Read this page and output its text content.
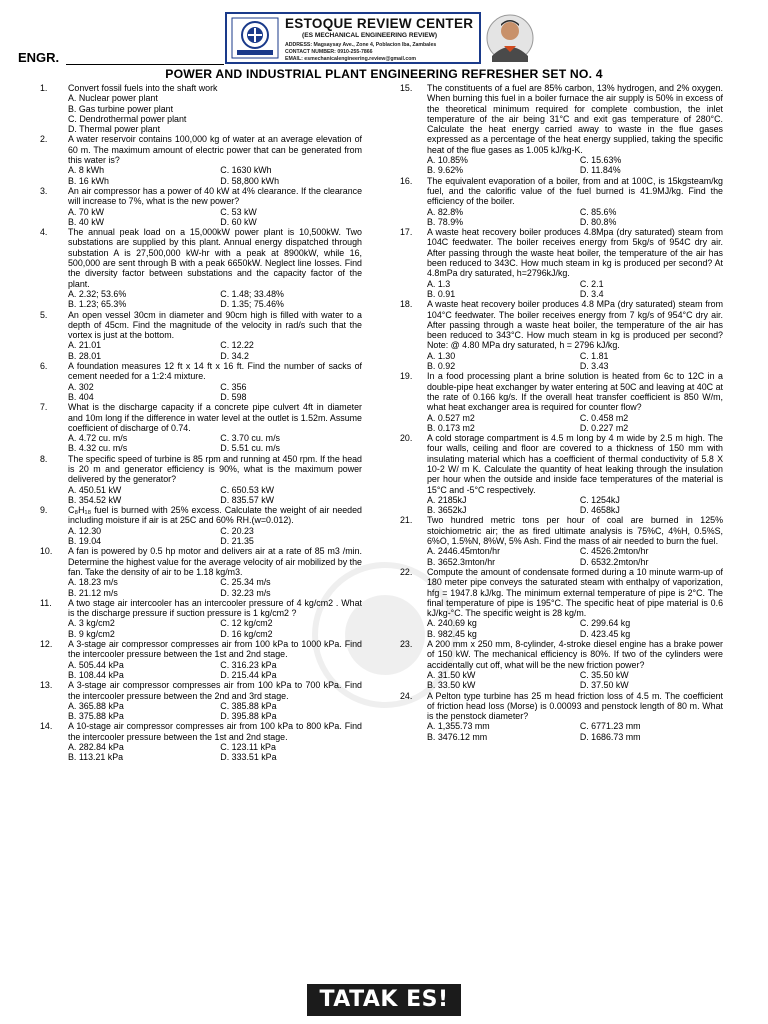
ESTOQUE REVIEW CENTER
(ES MECHANICAL ENGINEERING REVIEW)
ADDRESS: Magsaysay Ave., Zone 4, Poblacion Iba, Zambales
CONTACT NUMBER: 0910-255-7866
EMAIL: esmechanicalengineering.review@gmail.com
ENGR.
POWER AND INDUSTRIAL PLANT ENGINEERING REFRESHER SET NO. 4
1.	Convert fossil fuels into the shaft work
A. Nuclear power plant
B. Gas turbine power plant
C. Dendrothermal power plant
D. Thermal power plant
2.	A water reservoir contains 100,000 kg of water at an average elevation of 60 m. The maximum amount of electric power that can be generated from this water is?
A. 8 kWh	C. 1630 kWh
B. 16 kWh	D. 58,800 kWh
3.	An air compressor has a power of 40 kW at 4% clearance. If the clearance will increase to 7%, what is the new power?
A. 70 kW	C. 53 kW
B. 40 kW	D. 60 kW
4.	The annual peak load on a 15,000kW power plant is 10,500kW. Two substations are supplied by this plant. Annual energy dispatched through substation A is 27,500,000 kW-hr with a peak at 8900kW, while 16, 500,000 are sent through B with a peak 6650kW. Neglect line losses. Find the diversity factor between substations and the capacity factor of the plant.
A. 2.32; 53.6%	C. 1.48; 33.48%
B. 1.23; 65.3%	D. 1.35; 75.46%
5.	An open vessel 30cm in diameter and 90cm high is filled with water to a depth of 45cm. Find the magnitude of the velocity in rad/s such that the vortex is just at the bottom.
A. 21.01	C. 12.22
B. 28.01	D. 34.2
6.	A foundation measures 12 ft x 14 ft x 16 ft. Find the number of sacks of cement needed for a 1:2:4 mixture.
A. 302	C. 356
B. 404	D. 598
7.	What is the discharge capacity if a concrete pipe culvert 4ft in diameter and 10m long if the difference in water level at the outlet is 1.52m. Assume coefficient of discharge of 0.74.
A. 4.72 cu. m/s	C. 3.70 cu. m/s
B. 4.32 cu. m/s	D. 5.51 cu. m/s
8.	The specific speed of turbine is 85 rpm and running at 450 rpm. If the head is 20 m and generator efficiency is 90%, what is the maximum power delivered by the generator?
A. 450.51 kW	C. 650.53 kW
B. 354.52 kW	D. 835.57 kW
9.	C₈H₁₈ fuel is burned with 25% excess. Calculate the weight of air needed including moisture if air is at 25C and 60% RH.(w=0.012).
A. 12.30	C. 20.23
B. 19.04	D. 21.35
10.	A fan is powered by 0.5 hp motor and delivers air at a rate of 85 m3 /min. Determine the highest value for the average velocity of air mobilized by the fan. Take the density of air to be 1.18 kg/m3.
A. 18.23 m/s	C. 25.34 m/s
B. 21.12 m/s	D. 32.23 m/s
11.	A two stage air intercooler has an intercooler pressure of 4 kg/cm2 . What is the discharge pressure if suction pressure is 1 kg/cm2 ?
A. 3 kg/cm2	C. 12 kg/cm2
B. 9 kg/cm2	D. 16 kg/cm2
12.	A 3-stage air compressor compresses air from 100 kPa to 1000 kPa. Find the intercooler pressure between the 1st and 2nd stage.
A. 505.44 kPa	C. 316.23 kPa
B. 108.44 kPa	D. 215.44 kPa
13.	A 3-stage air compressor compresses air from 100 kPa to 700 kPa. Find the intercooler pressure between the 2nd and 3rd stage.
A. 365.88 kPa	C. 385.88 kPa
B. 375.88 kPa	D. 395.88 kPa
14.	A 10-stage air compressor compresses air from 100 kPa to 800 kPa. Find the intercooler pressure between the 1st and 2nd stage.
A. 282.84 kPa	C. 123.11 kPa
B. 113.21 kPa	D. 333.51 kPa
15.	The constituents of a fuel are 85% carbon, 13% hydrogen, and 2% oxygen. When burning this fuel in a boiler furnace the air supply is 50% in excess of the theoretical minimum required for complete combustion, the inlet temperature of the air being 31°C and exit gas temperature of 280°C. Calculate the heat energy carried away to waste in the flue gases expressed as a percentage of the heat energy supplied, taking the specific heat of the flue gases as 1.005 kJ/kg-K.
A. 10.85%	C. 15.63%
B. 9.62%	D. 11.84%
16.	The equivalent evaporation of a boiler, from and at 100C, is 15kgsteam/kg fuel, and the calorific value of the fuel burned is 41.9MJ/kg. Find the efficiency of the boiler.
A. 82.8%	C. 85.6%
B. 78.9%	D. 80.8%
17.	A waste heat recovery boiler produces 4.8Mpa (dry saturated) steam from 104C feedwater. The boiler receives energy from 5kg/s of 954C dry air. After passing through the waste heat boiler, the temperature of the air has been reduced to 343C. How much steam in kg is produced per second? At 4.8mPa dry saturated, h=2796kJ/kg.
A. 1.3	C. 2.1
B. 0.91	D. 3.4
18.	A waste heat recovery boiler produces 4.8 MPa (dry saturated) steam from 104°C feedwater. The boiler receives energy from 7 kg/s of 954°C dry air. After passing through a waste heat boiler, the temperature of the air has been reduced to 343°C. How much steam in kg is produced per second? Note: @ 4.80 MPa dry saturated, h = 2796 kJ/kg.
A. 1.30	C. 1.81
B. 0.92	D. 3.43
19.	In a food processing plant a brine solution is heated from 6c to 12C in a double-pipe heat exchanger by water entering at 50C and leaving at 40C at the rate of 0.166 kg/s. If the overall heat transfer coefficient is 850 W/m, what heat exchanger area is required for counter flow?
A. 0.527 m2	C. 0.458 m2
B. 0.173 m2	D. 0.227 m2
20.	A cold storage compartment is 4.5 m long by 4 m wide by 2.5 m high. The four walls, ceiling and floor are covered to a thickness of 150 mm with insulating material which has a coefficient of thermal conductivity of 5.8 X 10-2 W/ m K. Calculate the quantity of heat leaking through the insulation per hour when the outside and inside face temperatures of the material is 15°C and -5°C respectively.
A. 2185kJ	C. 1254kJ
B. 3652kJ	D. 4658kJ
21.	Two hundred metric tons per hour of coal are burned in 125% stoichiometric air; the as fired ultimate analysis is 75%C, 4%H, 0.5%S, 6%O, 1.5%N, 8%W, 5% Ash. Find the mass of air needed to burn the fuel.
A. 2446.45mton/hr	C. 4526.2mton/hr
B. 3652.3mton/hr	D. 6532.2mton/hr
22.	Compute the amount of condensate formed during a 10 minute warm-up of 180 meter pipe conveys the saturated steam with enthalpy of vaporization, hfg = 1947.8 kJ/kg. The minimum external temperature of pipe is 2°C. The final temperature of pipe is 195°C. The specific heat of pipe material is 0.6 kJ/kg-°C. The specific weight is 28 kg/m.
A. 240.69 kg	C. 299.64 kg
B. 982.45 kg	D. 423.45 kg
23.	A 200 mm x 250 mm, 8-cylinder, 4-stroke diesel engine has a brake power of 150 kW. The mechanical efficiency is 80%. If two of the cylinders were accidentally cut off, what will be the new friction power?
A. 31.50 kW	C. 35.50 kW
B. 33.50 kW	D. 37.50 kW
24.	A Pelton type turbine has 25 m head friction loss of 4.5 m. The coefficient of friction head loss (Morse) is 0.00093 and penstock length of 80 m. What is the penstock diameter?
A. 1,355.73 mm	C. 6771.23 mm
B. 3476.12 mm	D. 1686.73 mm
TATAK ES!
